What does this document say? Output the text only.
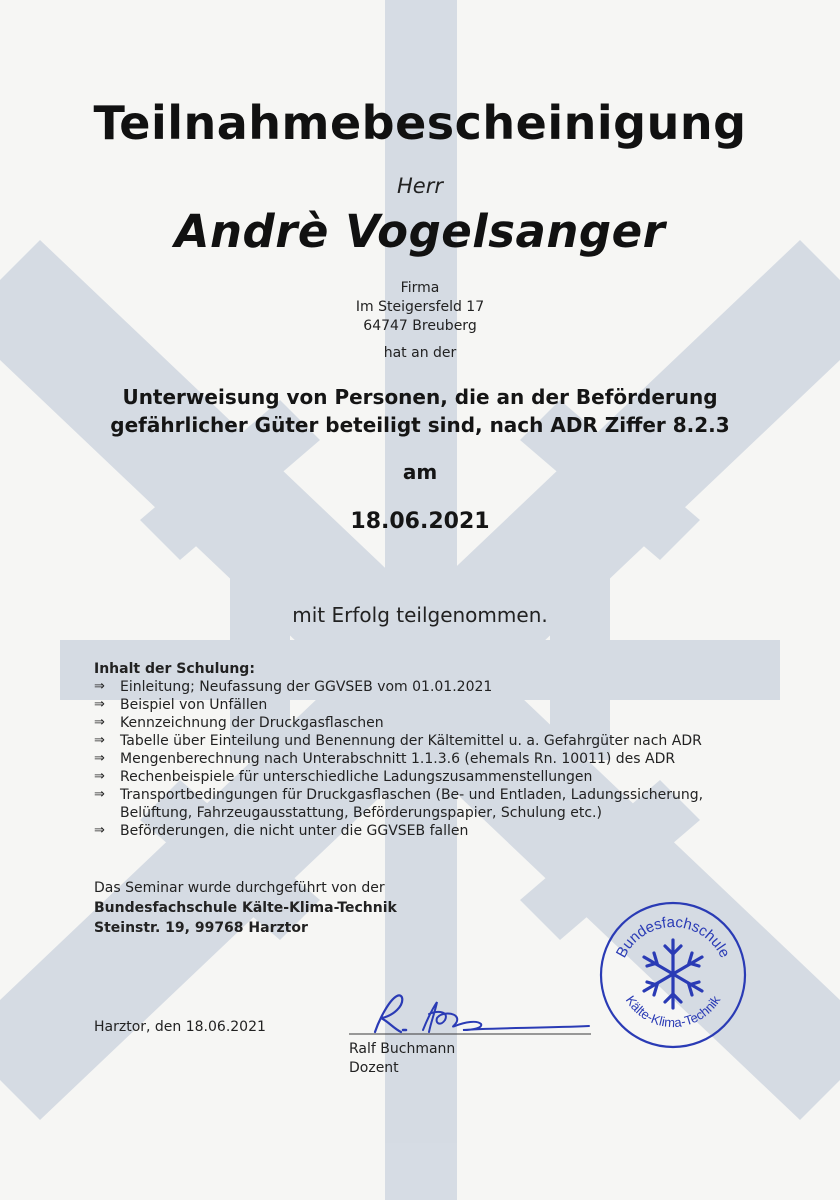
Teilnahmebescheinigung
Herr
Andrè Vogelsanger
Firma
Im Steigersfeld 17
64747 Breuberg
hat an der
Unterweisung von Personen, die an der Beförderung
gefährlicher Güter beteiligt sind, nach ADR Ziffer 8.2.3
am
18.06.2021
mit Erfolg teilgenommen.
Inhalt der Schulung:
⇒	Einleitung; Neufassung der GGVSEB vom 01.01.2021
⇒	Beispiel von Unfällen
⇒	Kennzeichnung der Druckgasflaschen
⇒	Tabelle über Einteilung und Benennung der Kältemittel u. a. Gefahrgüter nach ADR
⇒	Mengenberechnung nach Unterabschnitt 1.1.3.6 (ehemals Rn. 10011) des ADR
⇒	Rechenbeispiele für unterschiedliche Ladungszusammenstellungen
⇒	Transportbedingungen für Druckgasflaschen (Be- und Entladen, Ladungssicherung, Belüftung, Fahrzeugausstattung, Beförderungspapier, Schulung etc.)
⇒	Beförderungen, die nicht unter die GGVSEB fallen
Das Seminar wurde durchgeführt von der
Bundesfachschule Kälte-Klima-Technik
Steinstr. 19, 99768 Harztor
Harztor, den 18.06.2021
Ralf Buchmann
Dozent
Bundesfachschule
Kälte-Klima-Technik
